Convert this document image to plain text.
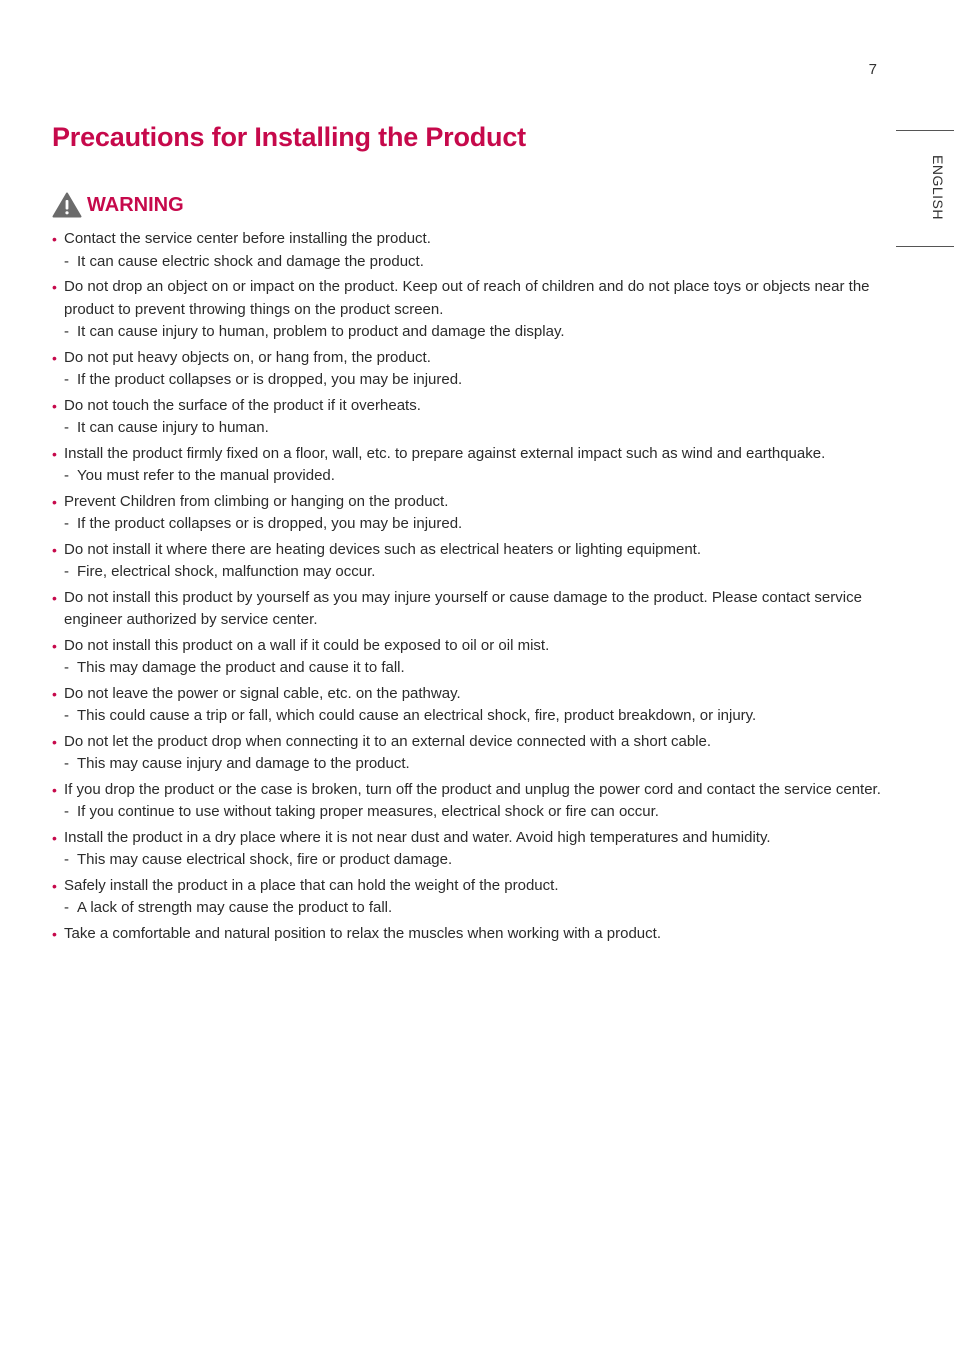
7
ENGLISH
Precautions for Installing the Product
WARNING
• Contact the service center before installing the product.
- It can cause electric shock and damage the product.
• Do not drop an object on or impact on the product. Keep out of reach of children and do not place toys or objects near the product to prevent throwing things on the product screen.
- It can cause injury to human, problem to product and damage the display.
• Do not put heavy objects on, or hang from, the product.
- If the product collapses or is dropped, you may be injured.
• Do not touch the surface of the product if it overheats.
- It can cause injury to human.
• Install the product firmly fixed on a floor, wall, etc. to prepare against external impact such as wind and earthquake.
- You must refer to the manual provided.
• Prevent Children from climbing or hanging on the product.
- If the product collapses or is dropped, you may be injured.
• Do not install it where there are heating devices such as electrical heaters or lighting equipment.
- Fire, electrical shock, malfunction may occur.
• Do not install this product by yourself as you may injure yourself or cause damage to the product. Please contact service engineer authorized by service center.
• Do not install this product on a wall if it could be exposed to oil or oil mist.
- This may damage the product and cause it to fall.
• Do not leave the power or signal cable, etc. on the pathway.
- This could cause a trip or fall, which could cause an electrical shock, fire, product breakdown, or injury.
• Do not let the product drop when connecting it to an external device connected with a short cable.
- This may cause injury and damage to the product.
• If you drop the product or the case is broken, turn off the product and unplug the power cord and contact the service center.
- If you continue to use without taking proper measures, electrical shock or fire can occur.
• Install the product in a dry place where it is not near dust and water. Avoid high temperatures and humidity.
- This may cause electrical shock, fire or product damage.
• Safely install the product in a place that can hold the weight of the product.
- A lack of strength may cause the product to fall.
• Take a comfortable and natural position to relax the muscles when working with a product.
